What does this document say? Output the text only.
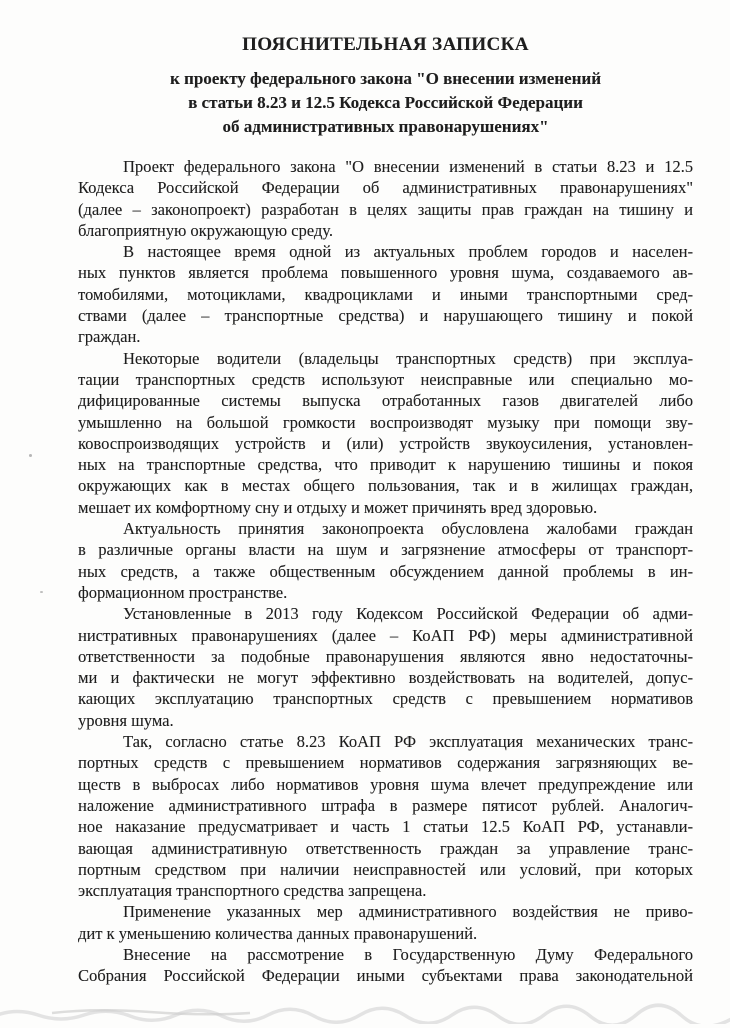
ПОЯСНИТЕЛЬНАЯ ЗАПИСКА
к проекту федерального закона "О внесении изменений
в статьи 8.23 и 12.5 Кодекса Российской Федерации
об административных правонарушениях"
Проект федерального закона "О внесении изменений в статьи 8.23 и 12.5
Кодекса Российской Федерации об административных правонарушениях"
(далее – законопроект) разработан в целях защиты прав граждан на тишину и
благоприятную окружающую среду.
В настоящее время одной из актуальных проблем городов и населен-
ных пунктов является проблема повышенного уровня шума, создаваемого ав-
томобилями, мотоциклами, квадроциклами и иными транспортными сред-
ствами (далее – транспортные средства) и нарушающего тишину и покой
граждан.
Некоторые водители (владельцы транспортных средств) при эксплуа-
тации транспортных средств используют неисправные или специально мо-
дифицированные системы выпуска отработанных газов двигателей либо
умышленно на большой громкости воспроизводят музыку при помощи зву-
ковоспроизводящих устройств и (или) устройств звукоусиления, установлен-
ных на транспортные средства, что приводит к нарушению тишины и покоя
окружающих как в местах общего пользования, так и в жилищах граждан,
мешает их комфортному сну и отдыху и может причинять вред здоровью.
Актуальность принятия законопроекта обусловлена жалобами граждан
в различные органы власти на шум и загрязнение атмосферы от транспорт-
ных средств, а также общественным обсуждением данной проблемы в ин-
формационном пространстве.
Установленные в 2013 году Кодексом Российской Федерации об адми-
нистративных правонарушениях (далее – КоАП РФ) меры административной
ответственности за подобные правонарушения являются явно недостаточны-
ми и фактически не могут эффективно воздействовать на водителей, допус-
кающих эксплуатацию транспортных средств с превышением нормативов
уровня шума.
Так, согласно статье 8.23 КоАП РФ эксплуатация механических транс-
портных средств с превышением нормативов содержания загрязняющих ве-
ществ в выбросах либо нормативов уровня шума влечет предупреждение или
наложение административного штрафа в размере пятисот рублей. Аналогич-
ное наказание предусматривает и часть 1 статьи 12.5 КоАП РФ, устанавли-
вающая административную ответственность граждан за управление транс-
портным средством при наличии неисправностей или условий, при которых
эксплуатация транспортного средства запрещена.
Применение указанных мер административного воздействия не приво-
дит к уменьшению количества данных правонарушений.
Внесение на рассмотрение в Государственную Думу Федерального
Собрания Российской Федерации иными субъектами права законодательной
